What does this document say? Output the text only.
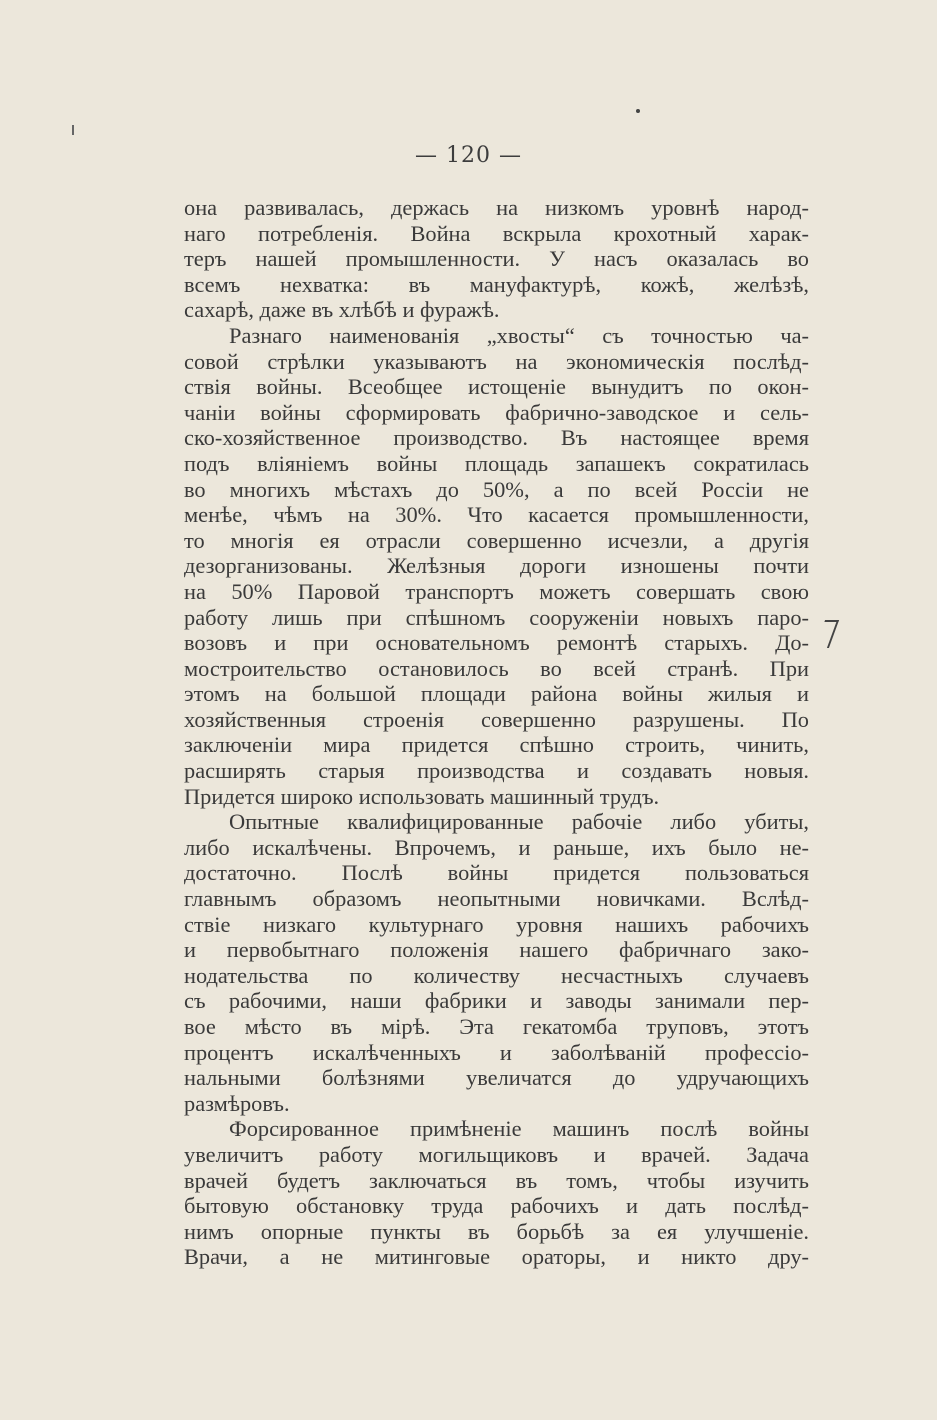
— 120 —
она развивалась, держась на низкомъ уровнѣ народ-
наго потребленія. Война вскрыла крохотный харак-
теръ нашей промышленности. У насъ оказалась во
всемъ нехватка: въ мануфактурѣ, кожѣ, желѣзѣ,
сахарѣ, даже въ хлѣбѣ и фуражѣ.
Разнаго наименованія „хвосты“ съ точностью ча-
совой стрѣлки указываютъ на экономическія послѣд-
ствія войны. Всеобщее истощеніе вынудитъ по окон-
чаніи войны сформировать фабрично-заводское и сель-
ско-хозяйственное производство. Въ настоящее время
подъ вліяніемъ войны площадь запашекъ сократилась
во многихъ мѣстахъ до 50%, а по всей Россіи не
менѣе, чѣмъ на 30%. Что касается промышленности,
то многія ея отрасли совершенно исчезли, а другія
дезорганизованы. Желѣзныя дороги изношены почти
на 50% Паровой транспортъ можетъ совершать свою
работу лишь при спѣшномъ сооруженіи новыхъ паро-
возовъ и при основательномъ ремонтѣ старыхъ. До-
мостроительство остановилось во всей странѣ. При
этомъ на большой площади района войны жилыя и
хозяйственныя строенія совершенно разрушены. По
заключеніи мира придется спѣшно строить, чинить,
расширять старыя производства и создавать новыя.
Придется широко использовать машинный трудъ.
Опытные квалифицированные рабочіе либо убиты,
либо искалѣчены. Впрочемъ, и раньше, ихъ было не-
достаточно. Послѣ войны придется пользоваться
главнымъ образомъ неопытными новичками. Вслѣд-
ствіе низкаго культурнаго уровня нашихъ рабочихъ
и первобытнаго положенія нашего фабричнаго зако-
нодательства по количеству несчастныхъ случаевъ
съ рабочими, наши фабрики и заводы занимали пер-
вое мѣсто въ мірѣ. Эта гекатомба труповъ, этотъ
процентъ искалѣченныхъ и заболѣваній профессіо-
нальными болѣзнями увеличатся до удручающихъ
размѣровъ.
Форсированное примѣненіе машинъ послѣ войны
увеличитъ работу могильщиковъ и врачей. Задача
врачей будетъ заключаться въ томъ, чтобы изучить
бытовую обстановку труда рабочихъ и дать послѣд-
нимъ опорные пункты въ борьбѣ за ея улучшеніе.
Врачи, а не митинговые ораторы, и никто дру-
